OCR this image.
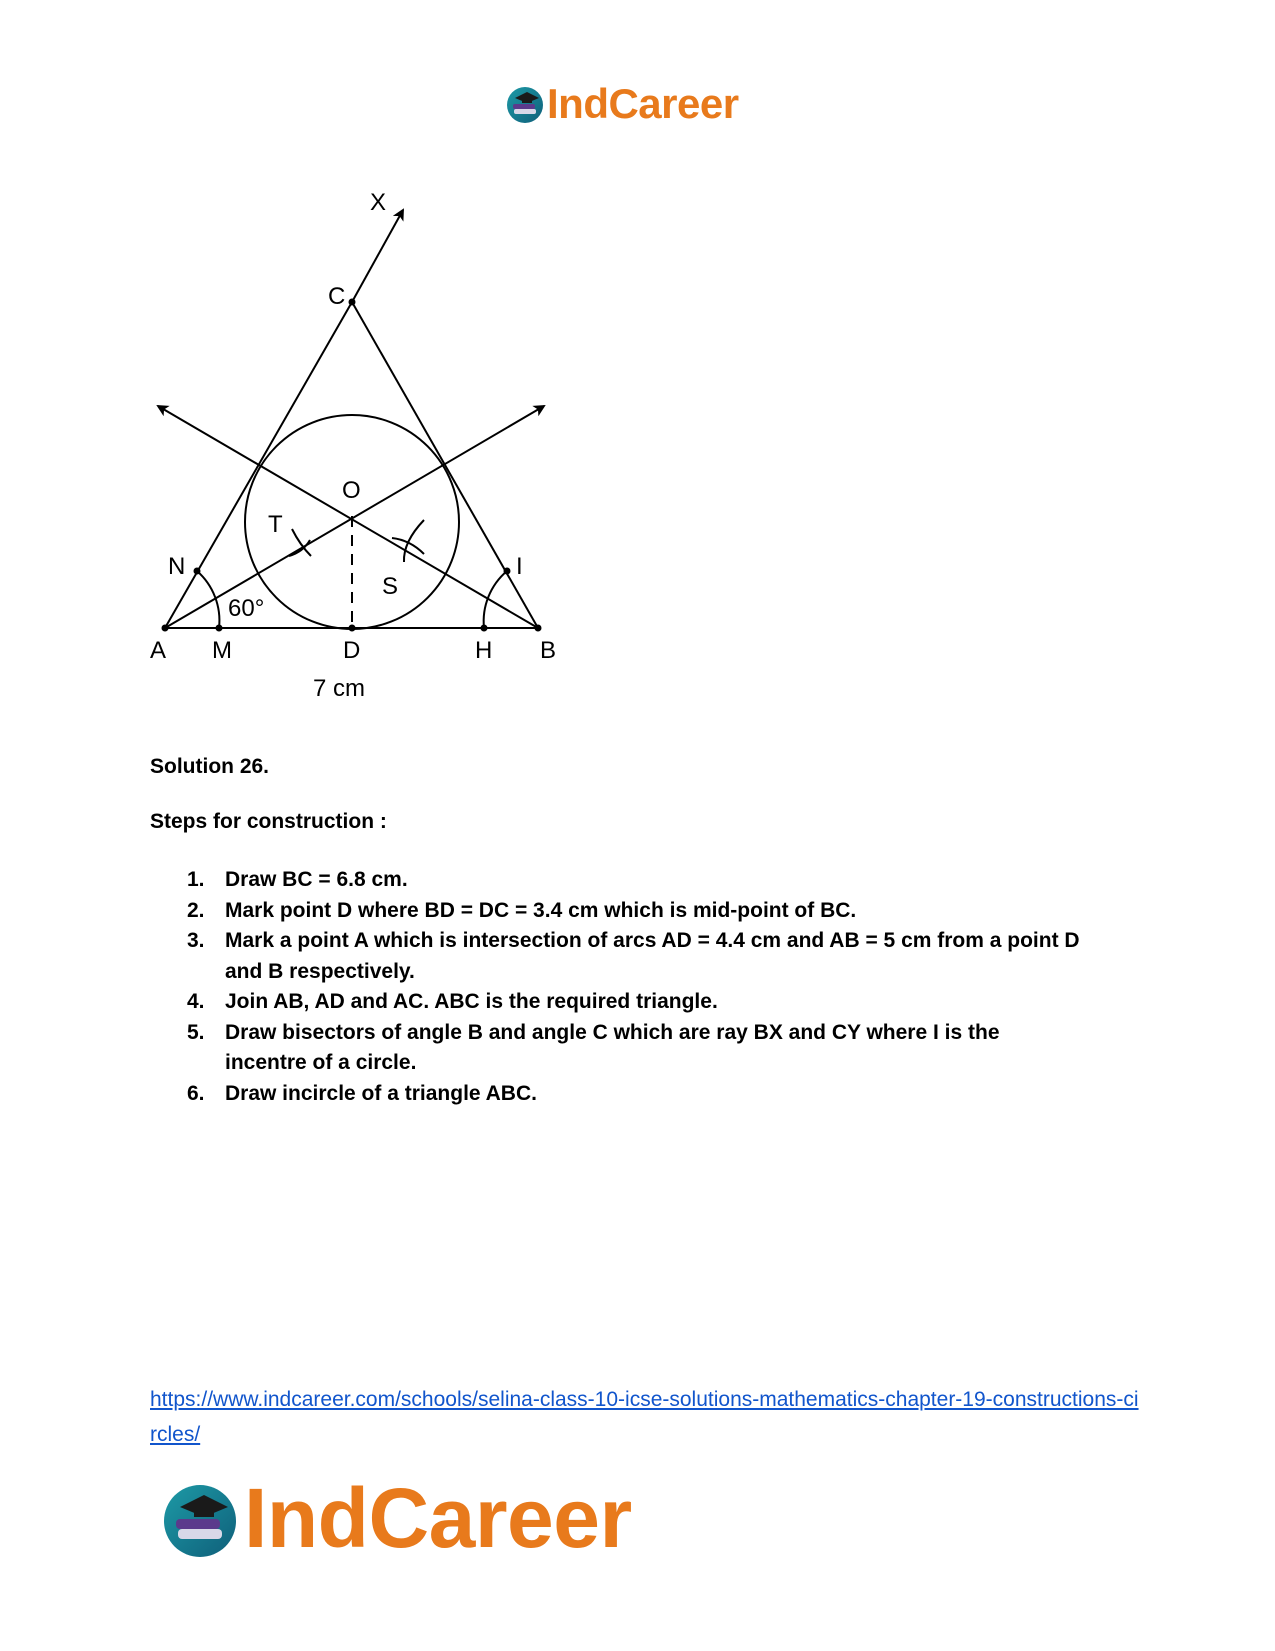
IndCareer
X
C
O
T
N	I
S
60°
A M	D	H B
7 cm
Solution 26.
Steps for construction :
1. Draw BC = 6.8 cm.
2. Mark point D where BD = DC = 3.4 cm which is mid-point of BC.
3. Mark a point A which is intersection of arcs AD = 4.4 cm and AB = 5 cm from a point D and B respectively.
4. Join AB, AD and AC. ABC is the required triangle.
5. Draw bisectors of angle B and angle C which are ray BX and CY where I is the incentre of a circle.
6. Draw incircle of a triangle ABC.
https://www.indcareer.com/schools/selina-class-10-icse-solutions-mathematics-chapter-19-constructions-circles/
IndCareer
